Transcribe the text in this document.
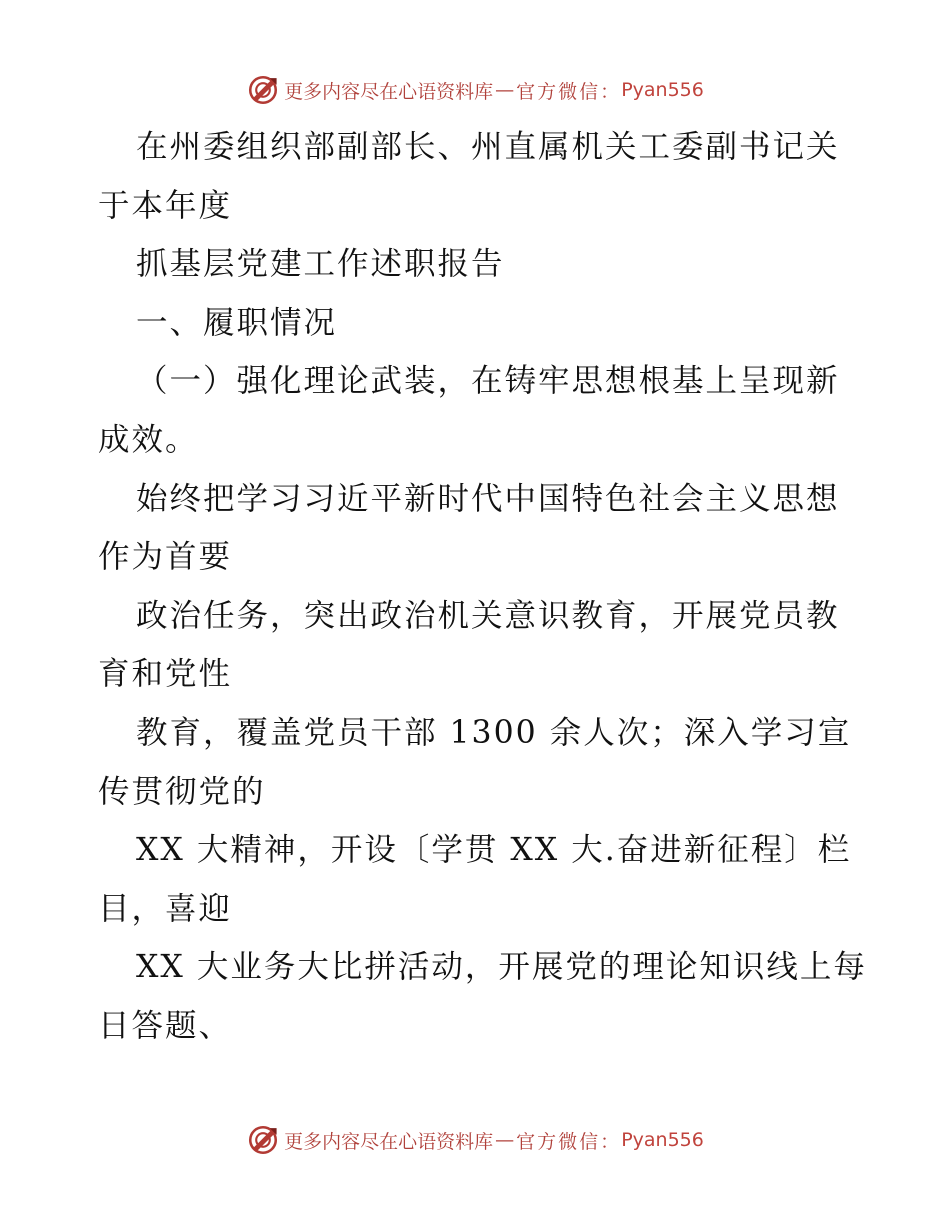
更多内容尽在心语资料库 — 官方微信： Pyan556

在州委组织部副部长、州直属机关工委副书记关于本年度

抓基层党建工作述职报告

一、履职情况

（一）强化理论武装，在铸牢思想根基上呈现新成效。

始终把学习习近平新时代中国特色社会主义思想作为首要

政治任务，突出政治机关意识教育，开展党员教育和党性

教育，覆盖党员干部 1300 余人次；深入学习宣传贯彻党的

XX 大精神，开设〔学贯 XX 大.奋进新征程〕栏目，喜迎

XX 大业务大比拼活动，开展党的理论知识线上每日答题、

更多内容尽在心语资料库 — 官方微信： Pyan556
